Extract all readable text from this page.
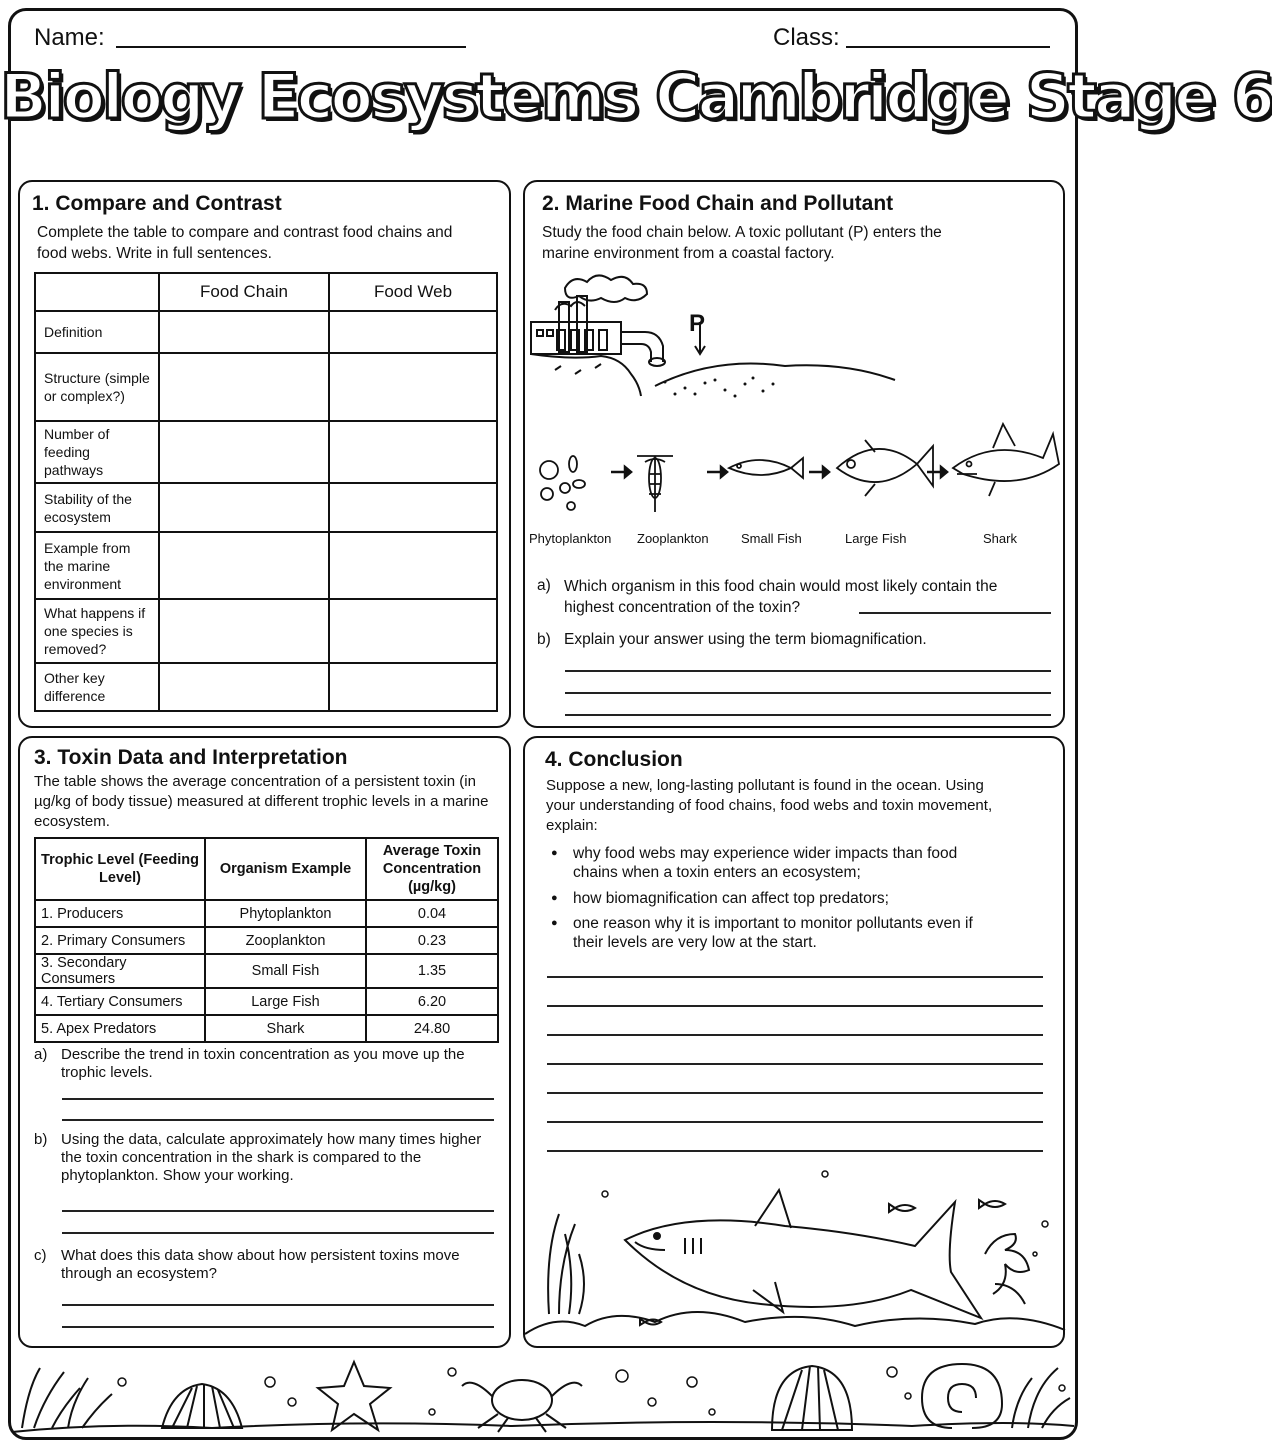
Name:	Class:
Biology Ecosystems Cambridge Stage 6
1. Compare and Contrast
Complete the table to compare and contrast food chains and food webs. Write in full sentences.
	Food Chain	Food Web
Definition		
Structure (simple or complex?)		
Number of feeding pathways		
Stability of the ecosystem		
Example from the marine environment		
What happens if one species is removed?		
Other key difference		
2. Marine Food Chain and Pollutant
Study the food chain below. A toxic pollutant (P) enters the marine environment from a coastal factory.
P
Phytoplankton Zooplankton Small Fish	Large Fish	Shark
a) Which organism in this food chain would most likely contain the highest concentration of the toxin?
b) Explain your answer using the term biomagnification.
3. Toxin Data and Interpretation
The table shows the average concentration of a persistent toxin (in µg/kg of body tissue) measured at different trophic levels in a marine ecosystem.
Trophic Level (Feeding Level)	Organism Example	Average Toxin Concentration (µg/kg)
1. Producers	Phytoplankton	0.04
2. Primary Consumers	Zooplankton	0.23
3. Secondary Consumers	Small Fish	1.35
4. Tertiary Consumers	Large Fish	6.20
5. Apex Predators	Shark	24.80
a) Describe the trend in toxin concentration as you move up the trophic levels.
b) Using the data, calculate approximately how many times higher the toxin concentration in the shark is compared to the phytoplankton. Show your working.
c) What does this data show about how persistent toxins move through an ecosystem?
4. Conclusion
Suppose a new, long-lasting pollutant is found in the ocean. Using your understanding of food chains, food webs and toxin movement, explain:
● why food webs may experience wider impacts than food chains when a toxin enters an ecosystem;
● how biomagnification can affect top predators;
● one reason why it is important to monitor pollutants even if their levels are very low at the start.
